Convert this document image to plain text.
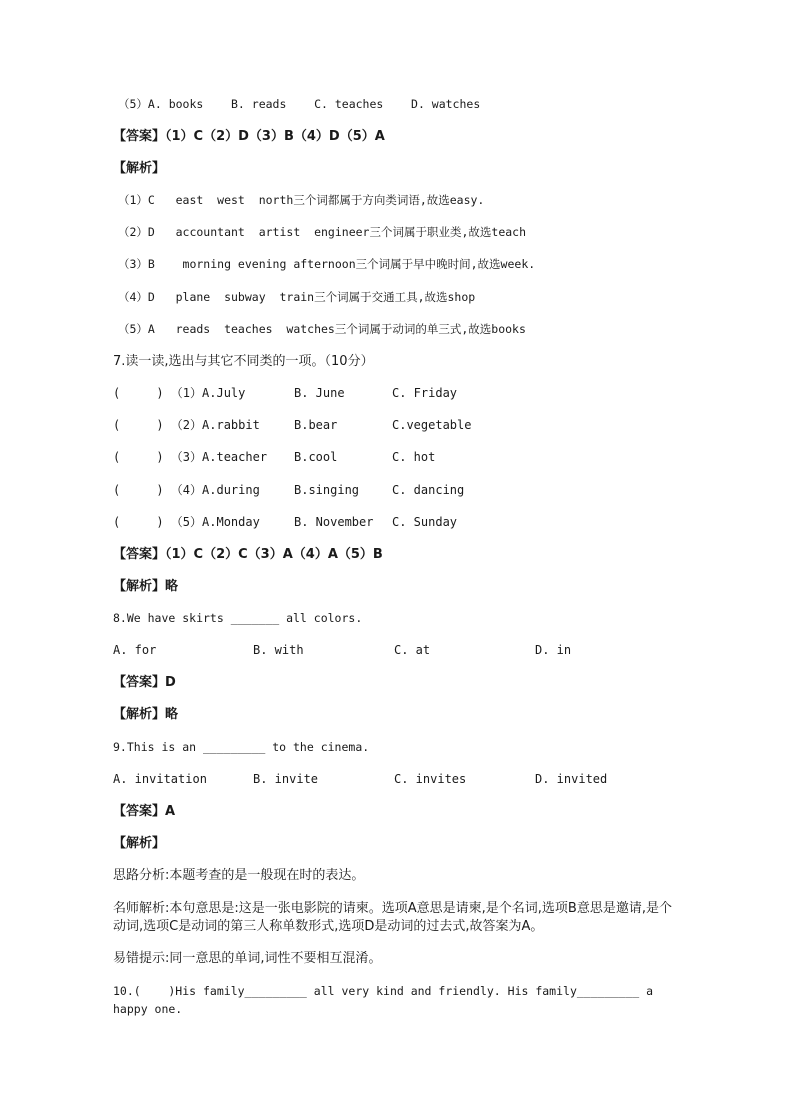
（5）A. books    B. reads    C. teaches    D. watches
【答案】（1）C（2）D（3）B（4）D（5）A
【解析】
（1）C   east  west  north三个词都属于方向类词语,故选easy.
（2）D   accountant  artist  engineer三个词属于职业类,故选teach
（3）B    morning evening afternoon三个词属于早中晚时间,故选week.
（4）D   plane  subway  train三个词属于交通工具,故选shop
（5）A   reads  teaches  watches三个词属于动词的单三式,故选books
7.读一读,选出与其它不同类的一项。（10分）
(     ) （1）A.July	B. June	C. Friday
(     ) （2）A.rabbit	B.bear	C.vegetable
(     ) （3）A.teacher B.cool	C. hot
(     ) （4）A.during	B.singing	C. dancing
(     ) （5）A.Monday	B. November C. Sunday
【答案】（1）C（2）C（3）A（4）A（5）B
【解析】略
8.We have skirts _______ all colors.
A. for	B. with	C. at	D. in
【答案】D
【解析】略
9.This is an _________ to the cinema.
A. invitation	B. invite	C. invites	D. invited
【答案】A
【解析】
思路分析:本题考查的是一般现在时的表达。
名师解析:本句意思是:这是一张电影院的请柬。选项A意思是请柬,是个名词,选项B意思是邀请,是个动词,选项C是动词的第三人称单数形式,选项D是动词的过去式,故答案为A。
易错提示:同一意思的单词,词性不要相互混淆。
10.(    )His family_________ all very kind and friendly. His family_________ a
happy one.
